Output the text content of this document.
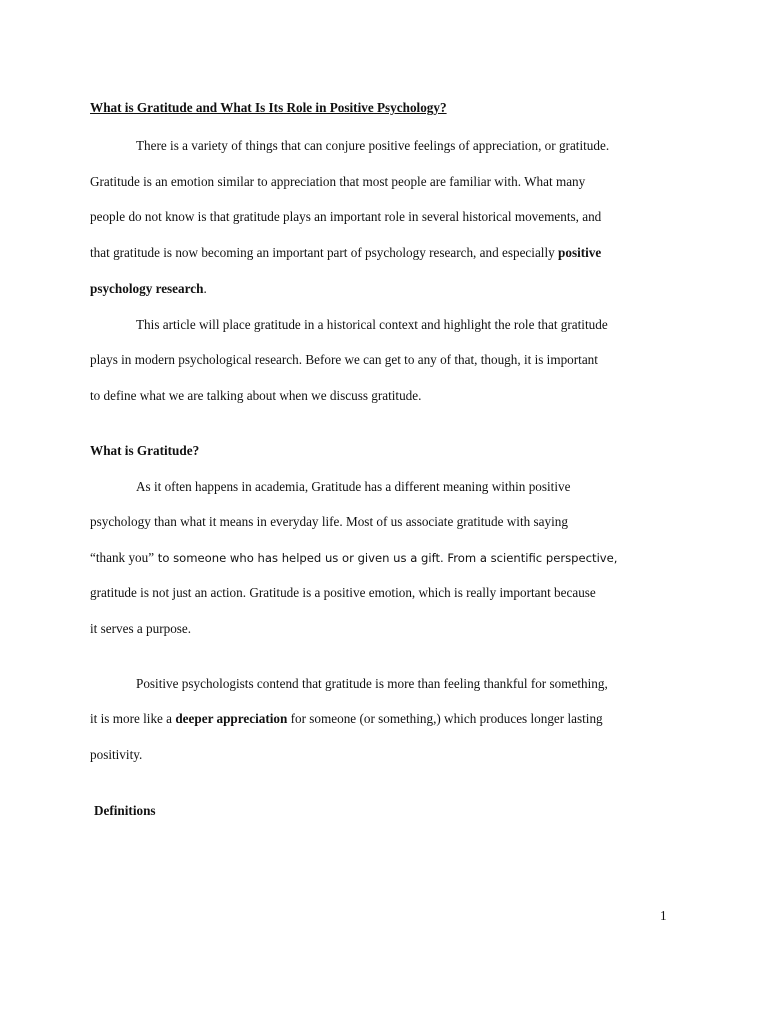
What is Gratitude and What Is Its Role in Positive Psychology?
There is a variety of things that can conjure positive feelings of appreciation, or gratitude.
Gratitude is an emotion similar to appreciation that most people are familiar with. What many
people do not know is that gratitude plays an important role in several historical movements, and
that gratitude is now becoming an important part of psychology research, and especially positive
psychology research.
This article will place gratitude in a historical context and highlight the role that gratitude
plays in modern psychological research. Before we can get to any of that, though, it is important
to define what we are talking about when we discuss gratitude.
What is Gratitude?
As it often happens in academia, Gratitude has a different meaning within positive
psychology than what it means in everyday life. Most of us associate gratitude with saying
“thank you” to someone who has helped us or given us a gift. From a scientific perspective,
gratitude is not just an action. Gratitude is a positive emotion, which is really important because
it serves a purpose.
Positive psychologists contend that gratitude is more than feeling thankful for something,
it is more like a deeper appreciation for someone (or something,) which produces longer lasting
positivity.
Definitions
1
